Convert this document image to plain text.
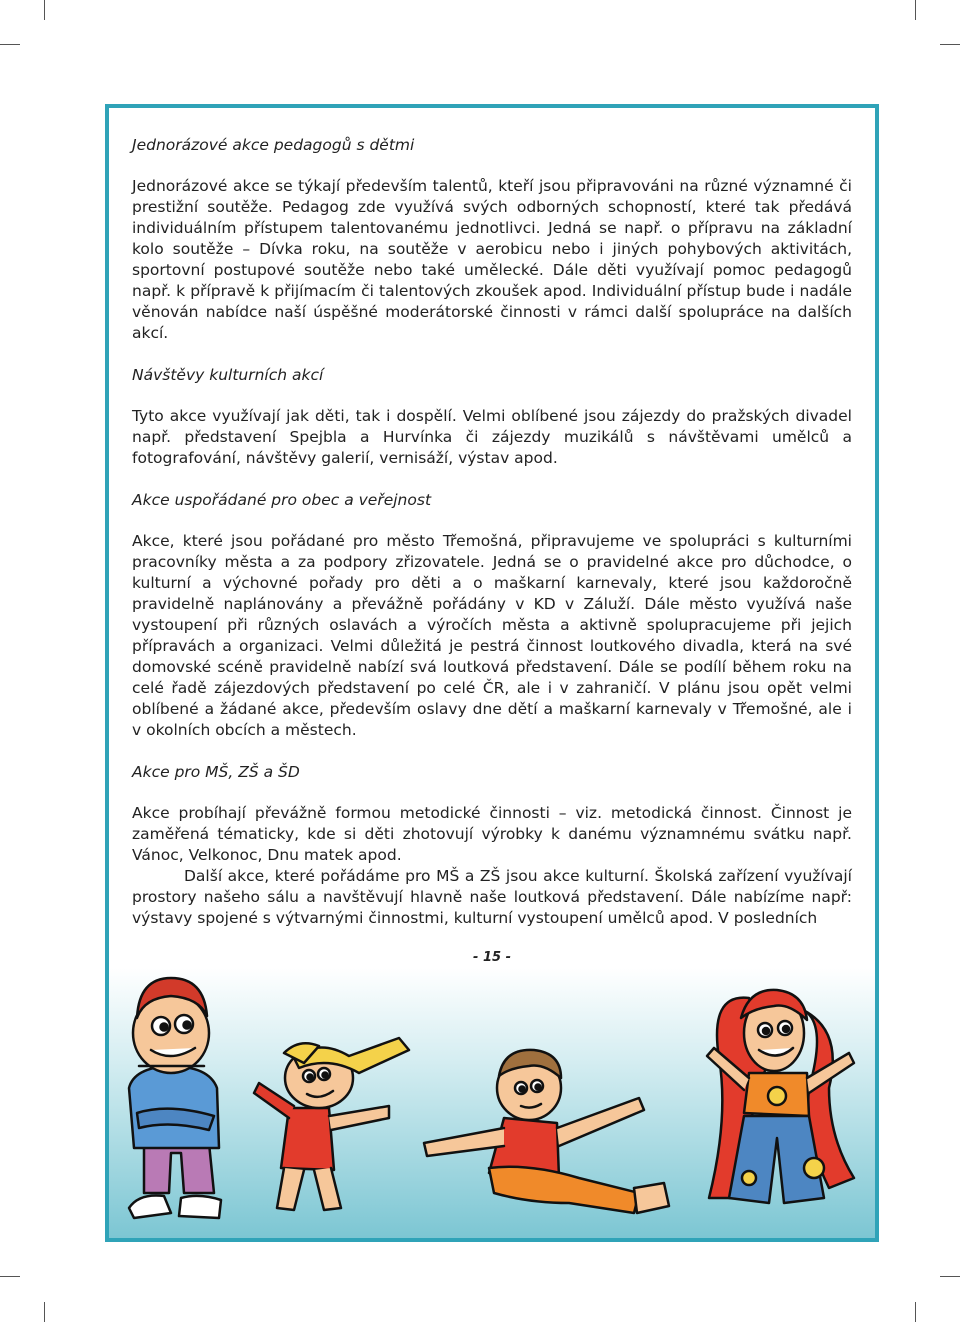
Jednorázové akce pedagogů s dětmi

Jednorázové akce se týkají především talentů, kteří jsou připravováni na různé významné či prestižní soutěže. Pedagog zde využívá svých odborných schopností, které tak předává individuálním přístupem talentovanému jednotlivci. Jedná se např. o přípravu na základní kolo soutěže – Dívka roku, na soutěže v aerobicu nebo i jiných pohybových aktivitách, sportovní postupové soutěže nebo také umělecké. Dále děti využívají pomoc pedagogů např. k přípravě k přijímacím či talentových zkoušek apod. Individuální přístup bude i nadále věnován nabídce naší úspěšné moderátorské činnosti v rámci další spolupráce na dalších akcí.

Návštěvy kulturních akcí

Tyto akce využívají jak děti, tak i dospělí. Velmi oblíbené jsou zájezdy do pražských divadel např. představení Spejbla a Hurvínka či zájezdy muzikálů s návštěvami umělců a fotografování, návštěvy galerií, vernisáží, výstav apod.

Akce uspořádané pro obec a veřejnost

Akce, které jsou pořádané pro město Třemošná, připravujeme ve spolupráci s kulturními pracovníky města a za podpory zřizovatele. Jedná se o pravidelné akce pro důchodce, o kulturní a výchovné pořady pro děti a o maškarní karnevaly, které jsou každoročně pravidelně naplánovány a převážně pořádány v KD v Záluží. Dále město využívá naše vystoupení při různých oslavách a výročích města a aktivně spolupracujeme při jejich přípravách a organizaci. Velmi důležitá je pestrá činnost loutkového divadla, která na své domovské scéně pravidelně nabízí svá loutková představení. Dále se podílí během roku na celé řadě zájezdových představení po celé ČR, ale i v zahraničí. V plánu jsou opět velmi oblíbené a žádané akce, především oslavy dne dětí a maškarní karnevaly v Třemošné, ale i v okolních obcích a městech.

Akce pro MŠ, ZŠ a ŠD

Akce probíhají převážně formou metodické činnosti – viz. metodická činnost. Činnost je zaměřená tématicky, kde si děti zhotovují výrobky k danému významnému svátku např. Vánoc, Velkonoc, Dnu matek apod.

Další akce, které pořádáme pro MŠ a ZŠ jsou akce kulturní. Školská zařízení využívají prostory našeho sálu a navštěvují hlavně naše loutková představení. Dále nabízíme např: výstavy spojené s výtvarnými činnostmi, kulturní vystoupení umělců apod. V posledních

- 15 -
